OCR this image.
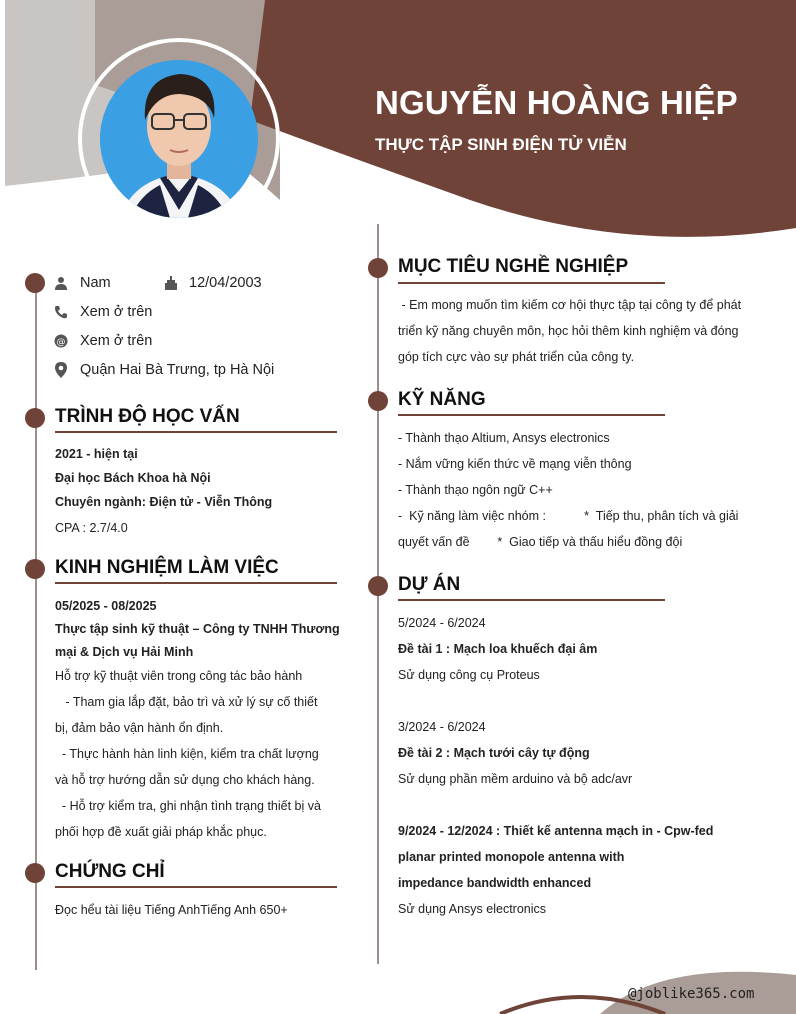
NGUYỄN HOÀNG HIỆP
THỰC TẬP SINH ĐIỆN TỬ VIỄN
Nam	12/04/2003
Xem ở trên
@ Xem ở trên
Quận Hai Bà Trưng, tp Hà Nội
TRÌNH ĐỘ HỌC VẤN
2021 - hiện tại
Đại học Bách Khoa hà Nội
Chuyên ngành: Điện tử - Viễn Thông
CPA : 2.7/4.0
KINH NGHIỆM LÀM VIỆC
05/2025 - 08/2025
Thực tập sinh kỹ thuật – Công ty TNHH Thương
mại & Dịch vụ Hải Minh
Hỗ trợ kỹ thuật viên trong công tác bảo hành
- Tham gia lắp đặt, bảo trì và xử lý sự cố thiết
bị, đảm bảo vận hành ổn định.
- Thực hành hàn linh kiện, kiểm tra chất lượng
và hỗ trợ hướng dẫn sử dụng cho khách hàng.
- Hỗ trợ kiểm tra, ghi nhận tình trạng thiết bị và
phối hợp đề xuất giải pháp khắc phục.
CHỨNG CHỈ
Đọc hểu tài liệu Tiếng AnhTiếng Anh 650+
MỤC TIÊU NGHỀ NGHIỆP
- Em mong muốn tìm kiếm cơ hội thực tập tại công ty để phát
triển kỹ năng chuyên môn, học hỏi thêm kinh nghiệm và đóng
góp tích cực vào sự phát triển của công ty.
KỸ NĂNG
- Thành thạo Altium, Ansys electronics
- Nắm vững kiến thức về mạng viễn thông
- Thành thạo ngôn ngữ C++
-  Kỹ năng làm việc nhóm :           *  Tiếp thu, phân tích và giải
quyết vấn đề        *  Giao tiếp và thấu hiểu đồng đội
DỰ ÁN
5/2024 - 6/2024
Đề tài 1 : Mạch loa khuếch đại âm
Sử dụng công cụ Proteus
3/2024 - 6/2024
Đề tài 2 : Mạch tưới cây tự động
Sử dụng phần mềm arduino và bộ adc/avr
9/2024 - 12/2024 : Thiết kế antenna mạch in - Cpw-fed
planar printed monopole antenna with
impedance bandwidth enhanced
Sử dụng Ansys electronics
@joblike365.com
